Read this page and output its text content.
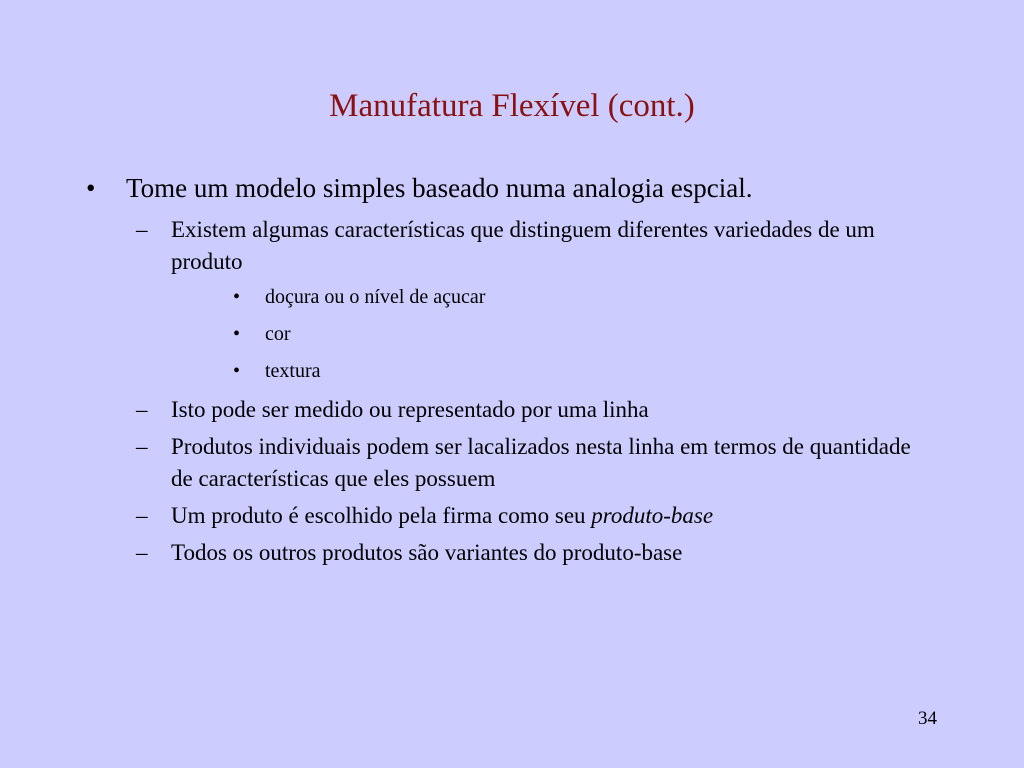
Manufatura Flexível (cont.)
• Tome um modelo simples baseado numa analogia espcial.
– Existem algumas características que distinguem diferentes variedades de um produto
• doçura ou o nível de açucar
• cor
• textura
– Isto pode ser medido ou representado por uma linha
– Produtos individuais podem ser lacalizados nesta linha em termos de quantidade de características que eles possuem
– Um produto é escolhido pela firma como seu produto-base
– Todos os outros produtos são variantes do produto-base
34
